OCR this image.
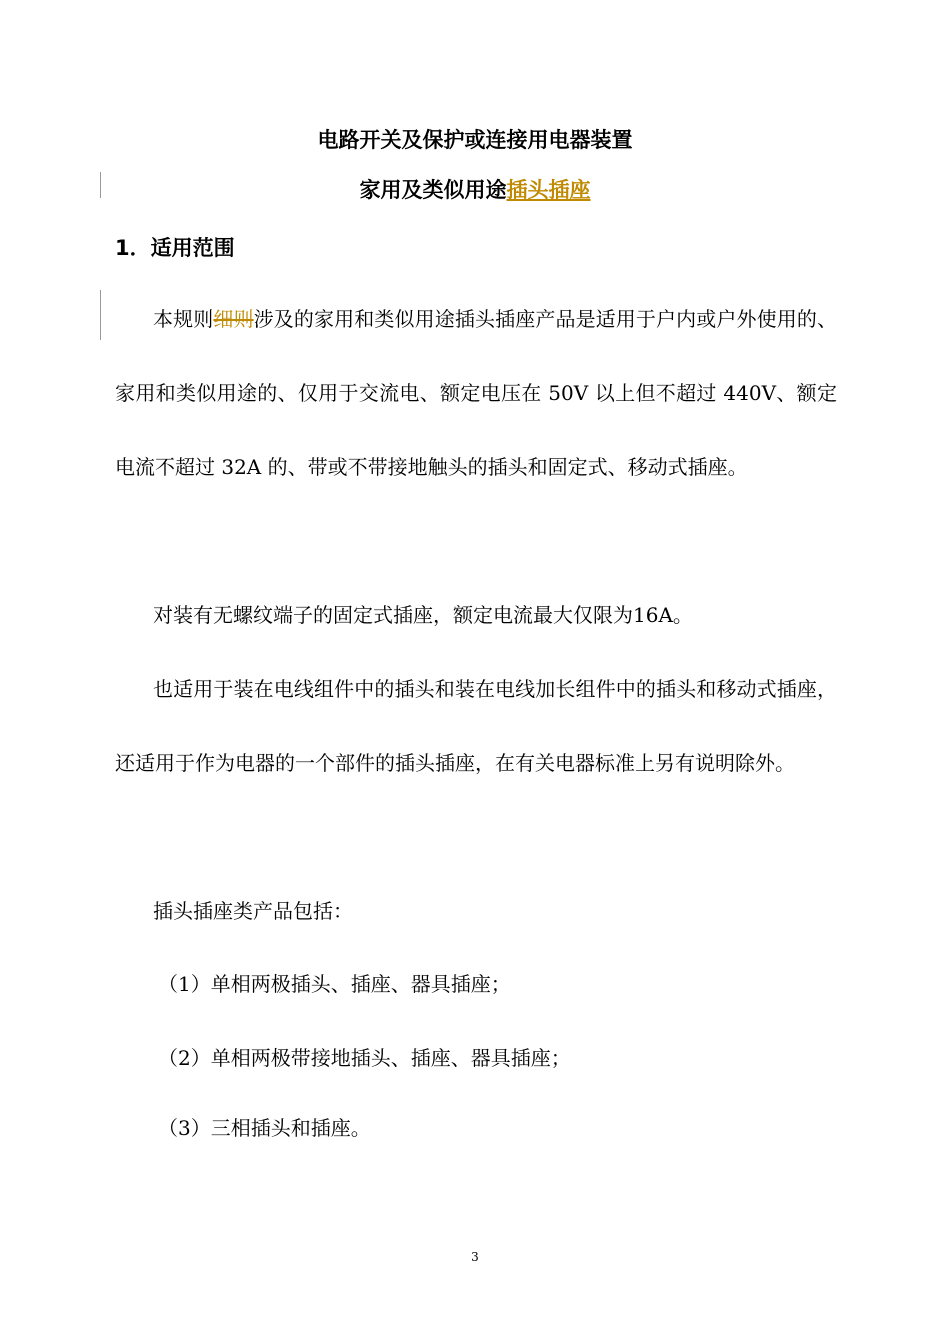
电路开关及保护或连接用电器装置
家用及类似用途插头插座
1．适用范围

本规则细则涉及的家用和类似用途插头插座产品是适用于户内或户外使用的、家用和类似用途的、仅用于交流电、额定电压在 50V 以上但不超过 440V、额定电流不超过 32A 的、带或不带接地触头的插头和固定式、移动式插座。

对装有无螺纹端子的固定式插座，额定电流最大仅限为16A。

也适用于装在电线组件中的插头和装在电线加长组件中的插头和移动式插座，还适用于作为电器的一个部件的插头插座，在有关电器标准上另有说明除外。

插头插座类产品包括：

（1）单相两极插头、插座、器具插座；

（2）单相两极带接地插头、插座、器具插座；

（3）三相插头和插座。

3
